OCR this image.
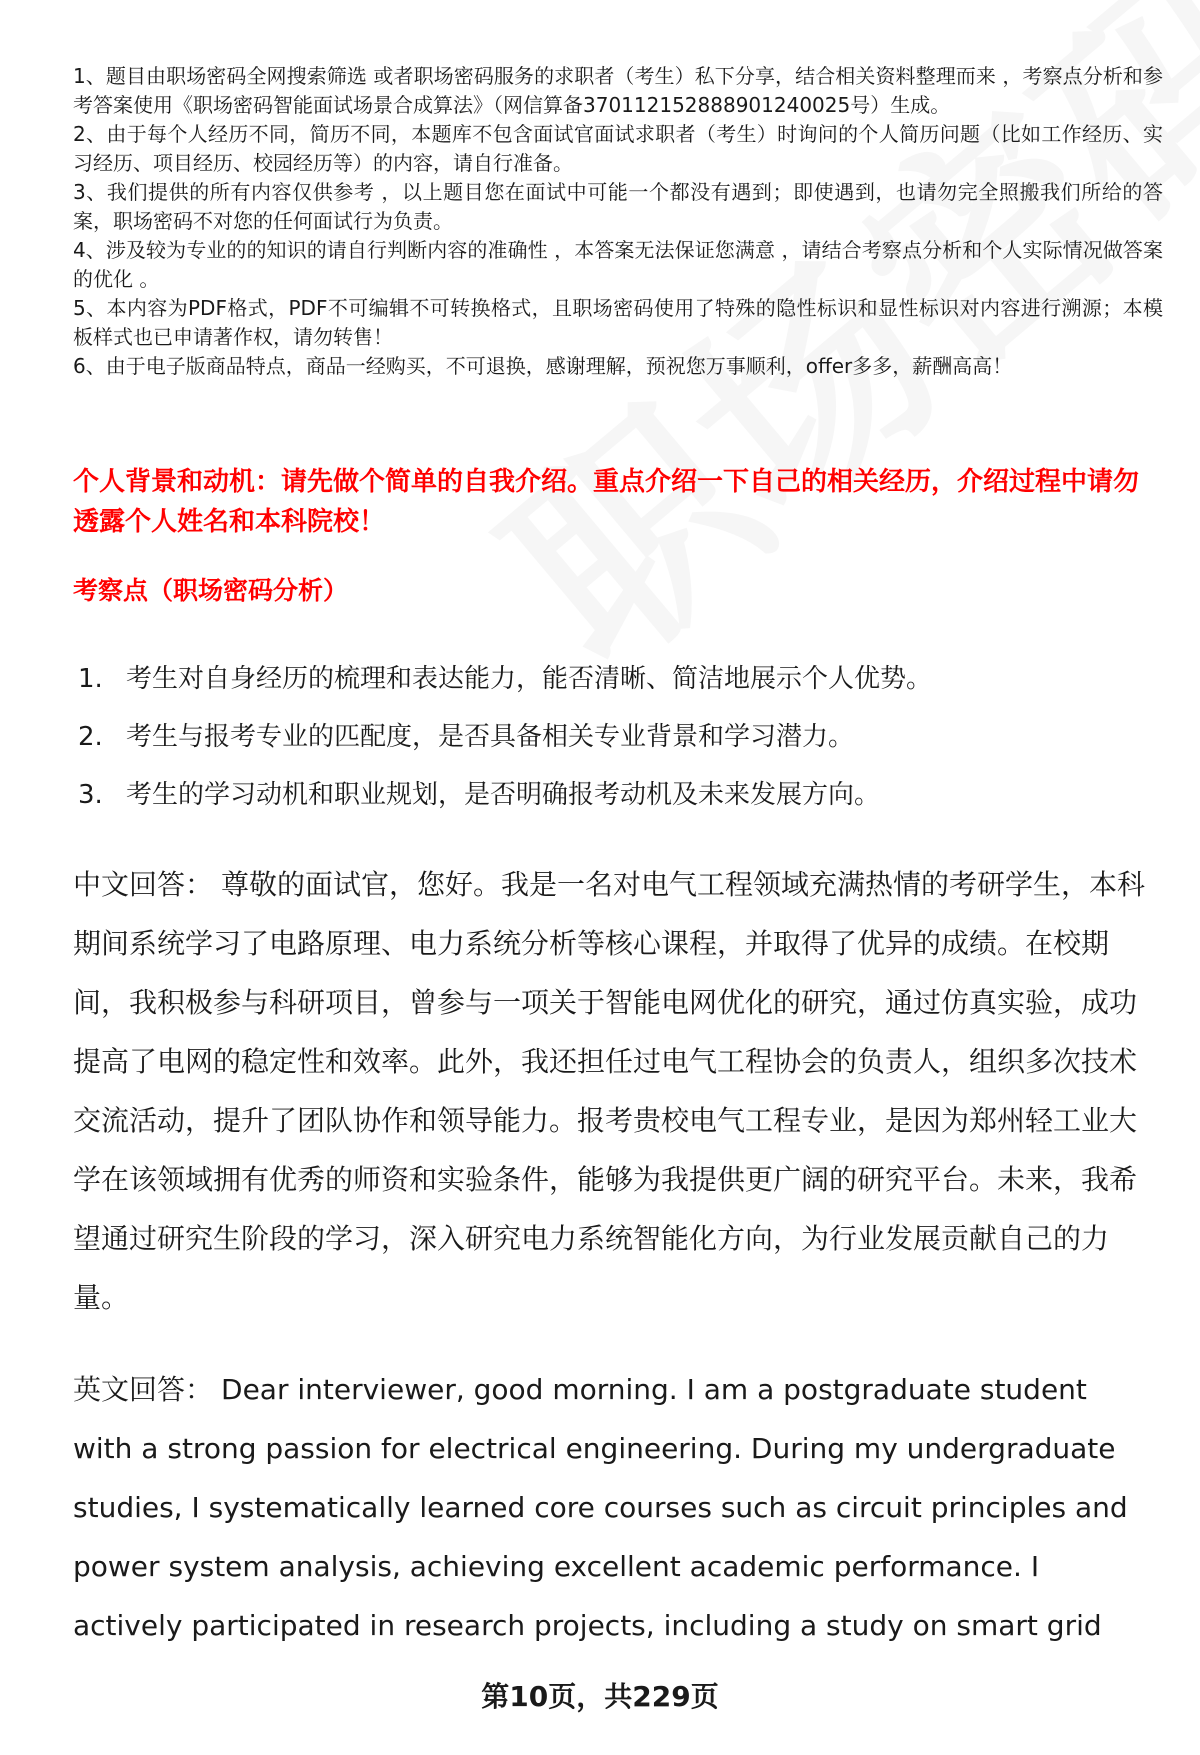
1、题目由职场密码全网搜索筛选 或者职场密码服务的求职者（考生）私下分享，结合相关资料整理而来 ，考察点分析和参考答案使用《职场密码智能面试场景合成算法》（网信算备370112152888901240025号）生成。

2、由于每个人经历不同，简历不同，本题库不包含面试官面试求职者（考生）时询问的个人简历问题（比如工作经历、实习经历、项目经历、校园经历等）的内容，请自行准备。

3、我们提供的所有内容仅供参考 ，以上题目您在面试中可能一个都没有遇到；即使遇到，也请勿完全照搬我们所给的答案，职场密码不对您的任何面试行为负责。

4、涉及较为专业的的知识的请自行判断内容的准确性 ，本答案无法保证您满意 ，请结合考察点分析和个人实际情况做答案的优化 。

5、本内容为PDF格式，PDF不可编辑不可转换格式，且职场密码使用了特殊的隐性标识和显性标识对内容进行溯源；本模板样式也已申请著作权，请勿转售！

6、由于电子版商品特点，商品一经购买，不可退换，感谢理解，预祝您万事顺利，offer多多，薪酬高高！

个人背景和动机：请先做个简单的自我介绍。重点介绍一下自己的相关经历，介绍过程中请勿透露个人姓名和本科院校！

考察点（职场密码分析）

1. 考生对自身经历的梳理和表达能力，能否清晰、简洁地展示个人优势。
2. 考生与报考专业的匹配度，是否具备相关专业背景和学习潜力。
3. 考生的学习动机和职业规划，是否明确报考动机及未来发展方向。

中文回答： 尊敬的面试官，您好。我是一名对电气工程领域充满热情的考研学生，本科期间系统学习了电路原理、电力系统分析等核心课程，并取得了优异的成绩。在校期间，我积极参与科研项目，曾参与一项关于智能电网优化的研究，通过仿真实验，成功提高了电网的稳定性和效率。此外，我还担任过电气工程协会的负责人，组织多次技术交流活动，提升了团队协作和领导能力。报考贵校电气工程专业，是因为郑州轻工业大学在该领域拥有优秀的师资和实验条件，能够为我提供更广阔的研究平台。未来，我希望通过研究生阶段的学习，深入研究电力系统智能化方向，为行业发展贡献自己的力量。

英文回答： Dear interviewer, good morning. I am a postgraduate student with a strong passion for electrical engineering. During my undergraduate studies, I systematically learned core courses such as circuit principles and power system analysis, achieving excellent academic performance. I actively participated in research projects, including a study on smart grid

第10页，共229页
